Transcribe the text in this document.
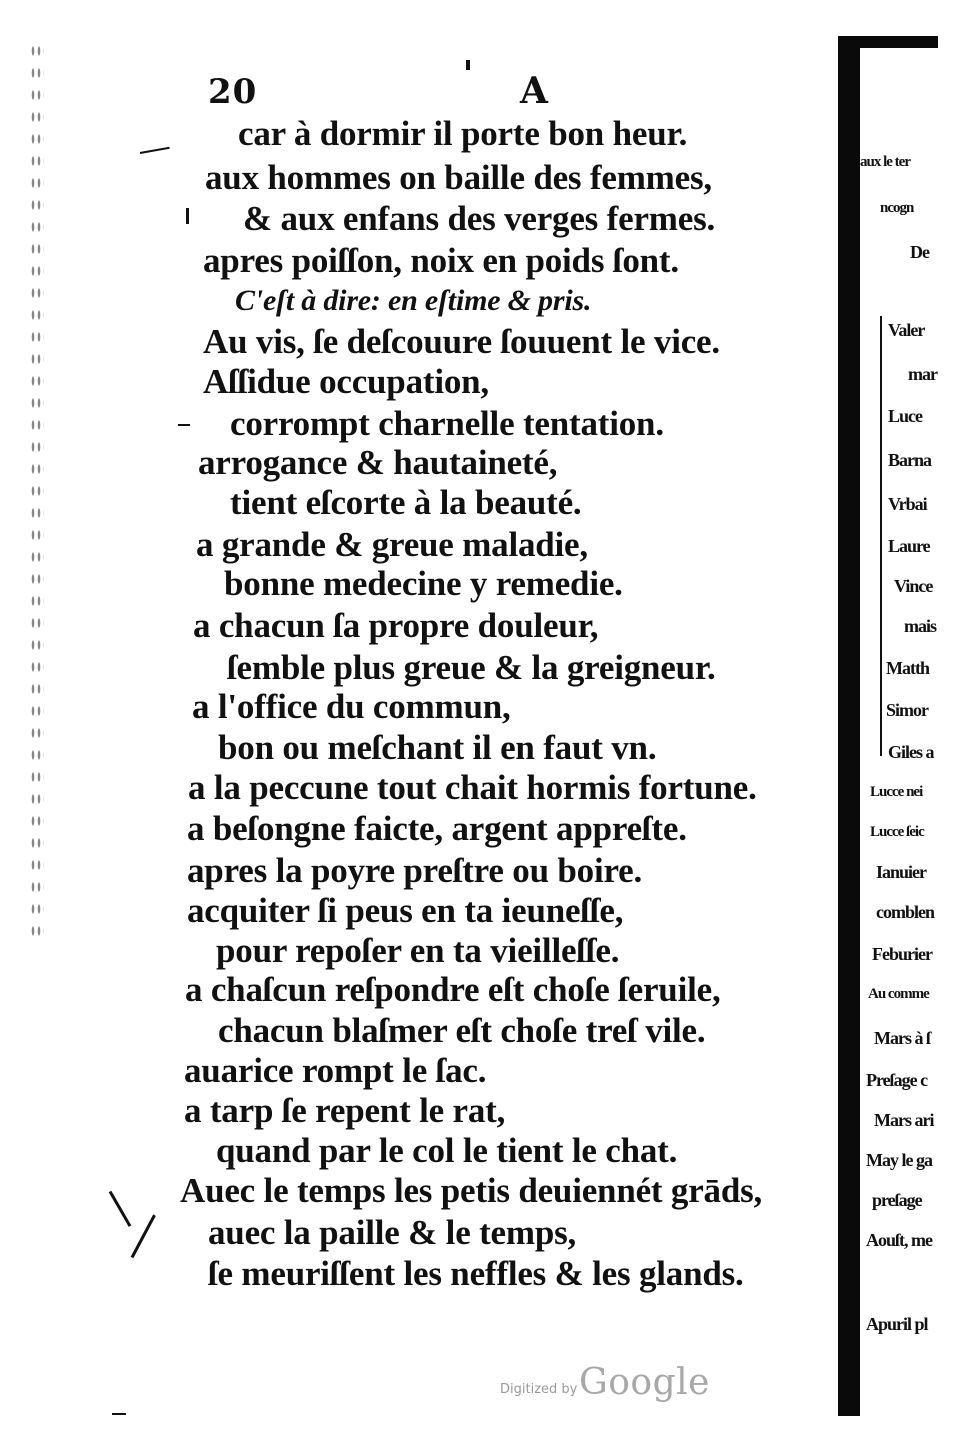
20	A
car à dormir il porte bon heur.
aux hommes on baille des femmes,
& aux enfans des verges fermes.
apres poiſſon, noix en poids ſont.
C'eſt à dire: en eſtime & pris.
Au vis, ſe deſcouure ſouuent le vice.
Aſſidue occupation,
corrompt charnelle tentation.
arrogance & hautaineté,
tient eſcorte à la beauté.
a grande & greue maladie,
bonne medecine y remedie.
a chacun ſa propre douleur,
ſemble plus greue & la greigneur.
a l'office du commun,
bon ou meſchant il en faut vn.
a la peccune tout chait hormis fortune.
a beſongne faicte, argent appreſte.
apres la poyre preſtre ou boire.
acquiter ſi peus en ta ieuneſſe,
pour repoſer en ta vieilleſſe.
a chaſcun reſpondre eſt choſe ſeruile,
chacun blaſmer eſt choſe treſ vile.
auarice rompt le ſac.
a tarp ſe repent le rat,
quand par le col le tient le chat.
Auec le temps les petis deuiennét grāds,
auec la paille & le temps,
ſe meuriſſent les neffles & les glands.
aux le ter
ncogn
De
Valer
mar
Luce
Barna
Vrbai
Laure
Vince
mais
Matth
Simor
Giles a
Lucce nei
Lucce ſeic
Ianuier
comblen
Feburier
Au comme
Mars à ſ
Preſage c
Mars ari
May le ga
preſage
Aouſt, me
Apuril pl
Digitized by Google
